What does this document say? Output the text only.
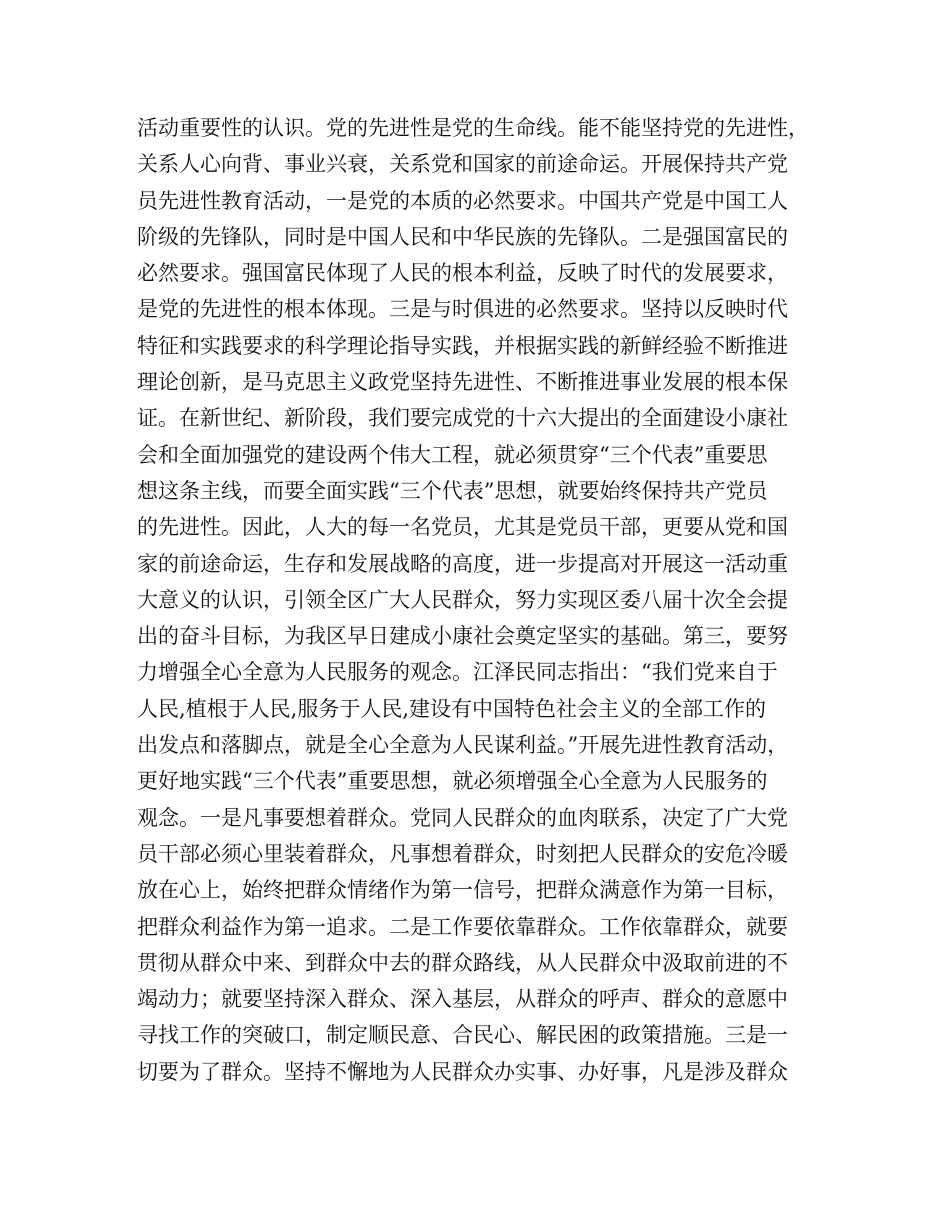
活动重要性的认识。党的先进性是党的生命线。能不能坚持党的先进性，
关系人心向背、事业兴衰，关系党和国家的前途命运。开展保持共产党
员先进性教育活动，一是党的本质的必然要求。中国共产党是中国工人
阶级的先锋队，同时是中国人民和中华民族的先锋队。二是强国富民的
必然要求。强国富民体现了人民的根本利益，反映了时代的发展要求，
是党的先进性的根本体现。三是与时俱进的必然要求。坚持以反映时代
特征和实践要求的科学理论指导实践，并根据实践的新鲜经验不断推进
理论创新，是马克思主义政党坚持先进性、不断推进事业发展的根本保
证。在新世纪、新阶段，我们要完成党的十六大提出的全面建设小康社
会和全面加强党的建设两个伟大工程，就必须贯穿“三个代表”重要思
想这条主线，而要全面实践“三个代表”思想，就要始终保持共产党员
的先进性。因此，人大的每一名党员，尤其是党员干部，更要从党和国
家的前途命运，生存和发展战略的高度，进一步提高对开展这一活动重
大意义的认识，引领全区广大人民群众，努力实现区委八届十次全会提
出的奋斗目标，为我区早日建成小康社会奠定坚实的基础。第三，要努
力增强全心全意为人民服务的观念。江泽民同志指出：“我们党来自于
人民,植根于人民,服务于人民,建设有中国特色社会主义的全部工作的
出发点和落脚点，就是全心全意为人民谋利益。”开展先进性教育活动，
更好地实践“三个代表”重要思想，就必须增强全心全意为人民服务的
观念。一是凡事要想着群众。党同人民群众的血肉联系，决定了广大党
员干部必须心里装着群众，凡事想着群众，时刻把人民群众的安危冷暖
放在心上，始终把群众情绪作为第一信号，把群众满意作为第一目标，
把群众利益作为第一追求。二是工作要依靠群众。工作依靠群众，就要
贯彻从群众中来、到群众中去的群众路线，从人民群众中汲取前进的不
竭动力；就要坚持深入群众、深入基层，从群众的呼声、群众的意愿中
寻找工作的突破口，制定顺民意、合民心、解民困的政策措施。三是一
切要为了群众。坚持不懈地为人民群众办实事、办好事，凡是涉及群众
